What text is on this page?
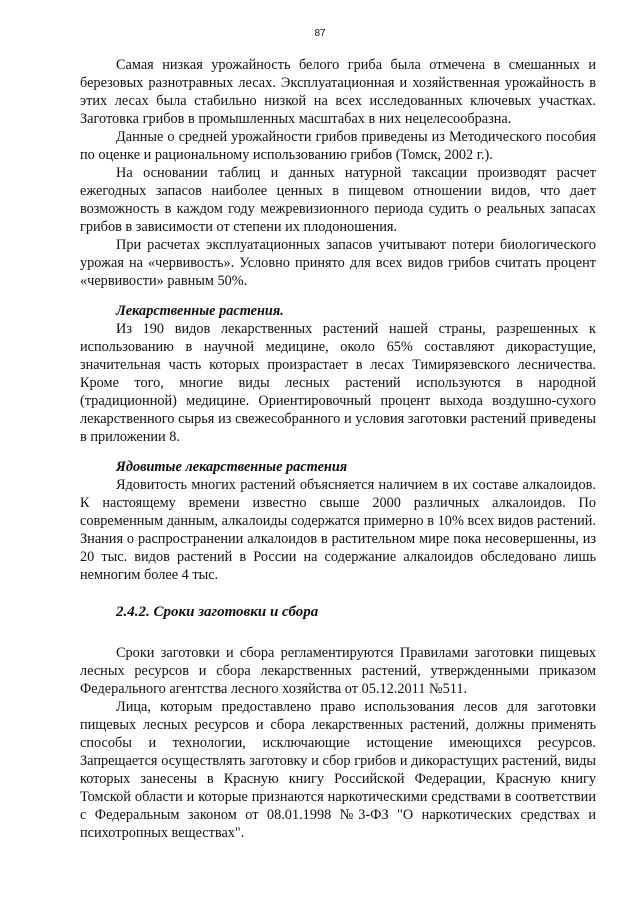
87

Самая низкая урожайность белого гриба была отмечена в смешанных и березовых разнотравных лесах. Эксплуатационная и хозяйственная урожайность в этих лесах была стабильно низкой на всех исследованных ключевых участках. Заготовка грибов в промышленных масштабах в них нецелесообразна.

Данные о средней урожайности грибов приведены из Методического пособия по оценке и рациональному использованию грибов (Томск, 2002 г.).

На основании таблиц и данных натурной таксации производят расчет ежегодных запасов наиболее ценных в пищевом отношении видов, что дает возможность в каждом году межревизионного периода судить о реальных запасах грибов в зависимости от степени их плодоношения.

При расчетах эксплуатационных запасов учитывают потери биологического урожая на «червивость». Условно принято для всех видов грибов считать процент «червивости» равным 50%.

Лекарственные растения.

Из 190 видов лекарственных растений нашей страны, разрешенных к использованию в научной медицине, около 65% составляют дикорастущие, значительная часть которых произрастает в лесах Тимирязевского лесничества. Кроме того, многие виды лесных растений используются в народной (традиционной) медицине. Ориентировочный процент выхода воздушно-сухого лекарственного сырья из свежесобранного и условия заготовки растений приведены в приложении 8.

Ядовитые лекарственные растения

Ядовитость многих растений объясняется наличием в их составе алкалоидов. К настоящему времени известно свыше 2000 различных алкалоидов. По современным данным, алкалоиды содержатся примерно в 10% всех видов растений. Знания о распространении алкалоидов в растительном мире пока несовершенны, из 20 тыс. видов растений в России на содержание алкалоидов обследовано лишь немногим более 4 тыс.

2.4.2. Сроки заготовки и сбора

Сроки заготовки и сбора регламентируются Правилами заготовки пищевых лесных ресурсов и сбора лекарственных растений, утвержденными приказом Федерального агентства лесного хозяйства от 05.12.2011 №511.

Лица, которым предоставлено право использования лесов для заготовки пищевых лесных ресурсов и сбора лекарственных растений, должны применять способы и технологии, исключающие истощение имеющихся ресурсов. Запрещается осуществлять заготовку и сбор грибов и дикорастущих растений, виды которых занесены в Красную книгу Российской Федерации, Красную книгу Томской области и которые признаются наркотическими средствами в соответствии с Федеральным законом от 08.01.1998 №3-ФЗ "О наркотических средствах и психотропных веществах".
